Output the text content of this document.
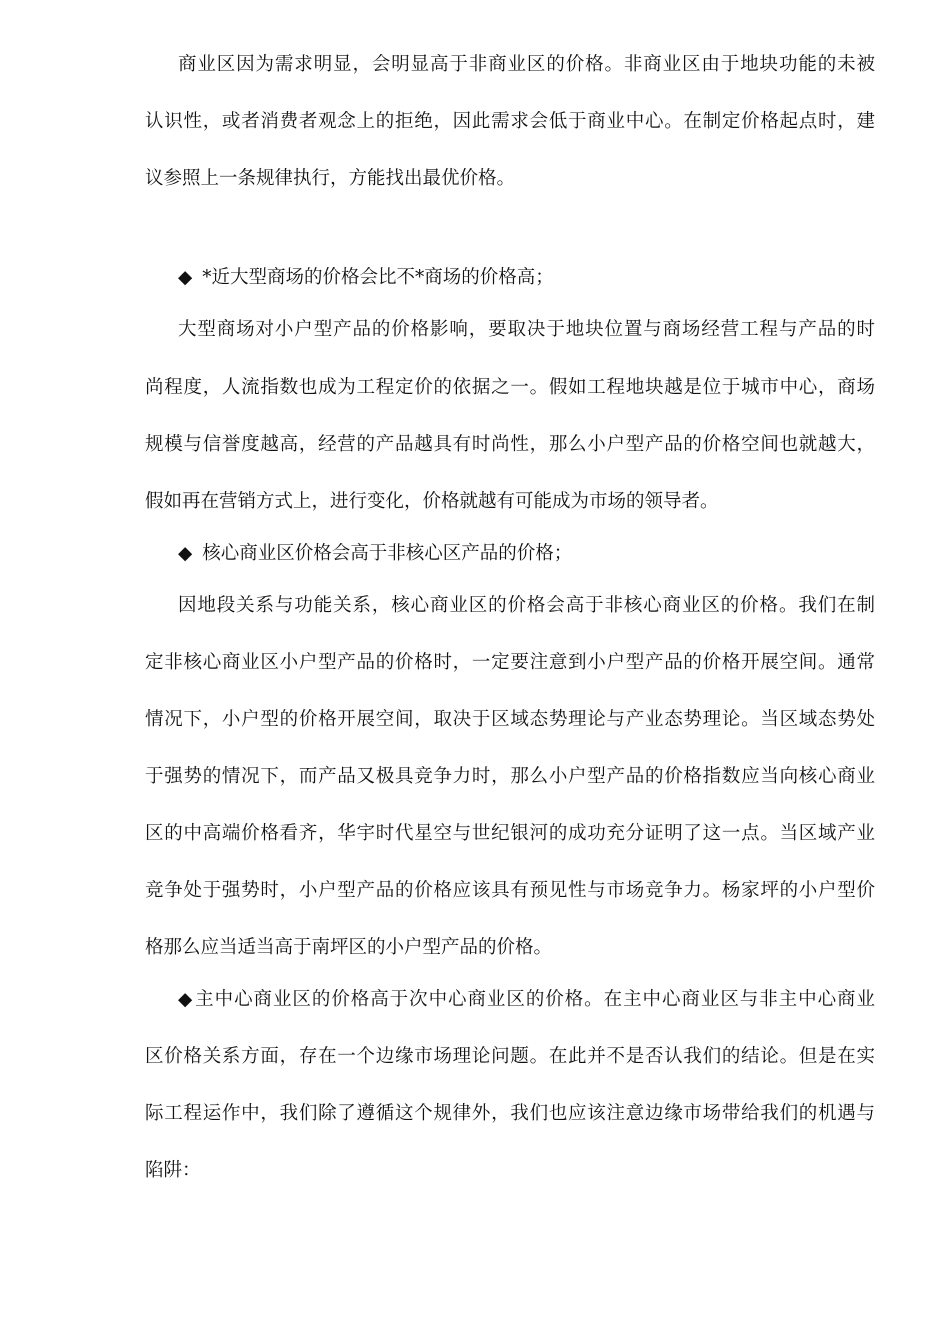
商业区因为需求明显，会明显高于非商业区的价格。非商业区由于地块功能的未被
认识性，或者消费者观念上的拒绝，因此需求会低于商业中心。在制定价格起点时，建
议参照上一条规律执行，方能找出最优价格。
◆ *近大型商场的价格会比不*商场的价格高；
大型商场对小户型产品的价格影响，要取决于地块位置与商场经营工程与产品的时
尚程度，人流指数也成为工程定价的依据之一。假如工程地块越是位于城市中心，商场
规模与信誉度越高，经营的产品越具有时尚性，那么小户型产品的价格空间也就越大，
假如再在营销方式上，进行变化，价格就越有可能成为市场的领导者。
◆ 核心商业区价格会高于非核心区产品的价格；
因地段关系与功能关系，核心商业区的价格会高于非核心商业区的价格。我们在制
定非核心商业区小户型产品的价格时，一定要注意到小户型产品的价格开展空间。通常
情况下，小户型的价格开展空间，取决于区域态势理论与产业态势理论。当区域态势处
于强势的情况下，而产品又极具竞争力时，那么小户型产品的价格指数应当向核心商业
区的中高端价格看齐，华宇时代星空与世纪银河的成功充分证明了这一点。当区域产业
竞争处于强势时，小户型产品的价格应该具有预见性与市场竞争力。杨家坪的小户型价
格那么应当适当高于南坪区的小户型产品的价格。
◆ 主中心商业区的价格高于次中心商业区的价格。在主中心商业区与非主中心商业
区价格关系方面，存在一个边缘市场理论问题。在此并不是否认我们的结论。但是在实
际工程运作中，我们除了遵循这个规律外，我们也应该注意边缘市场带给我们的机遇与
陷阱：
